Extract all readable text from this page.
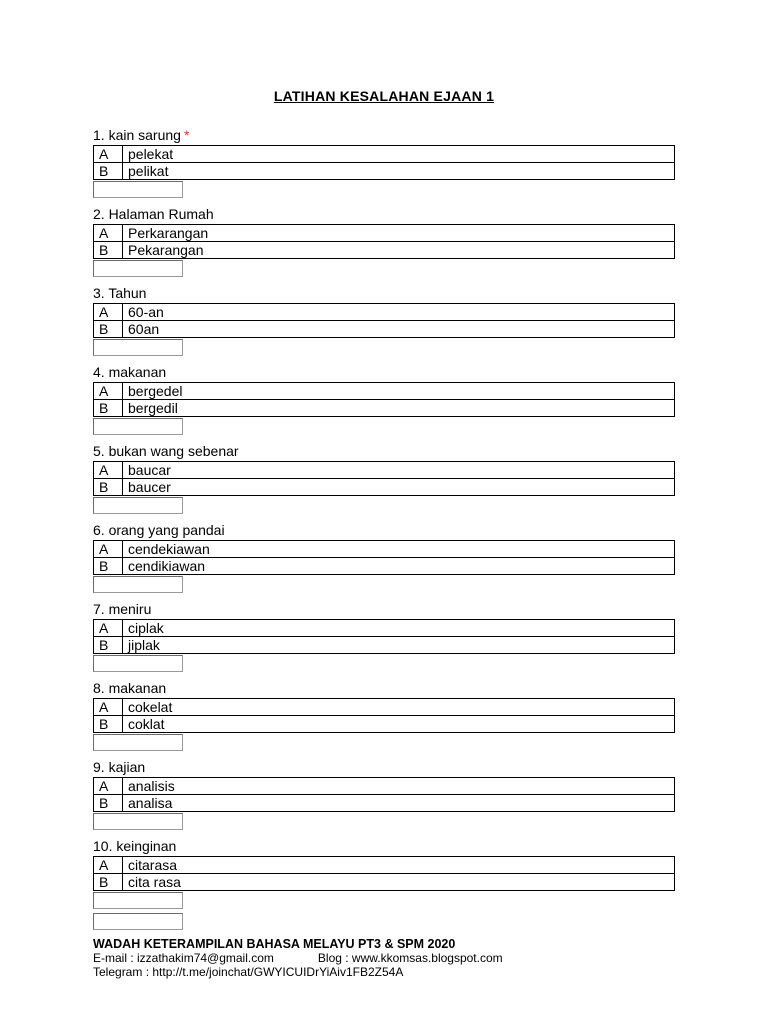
LATIHAN KESALAHAN EJAAN 1
1. kain sarung *
A	pelekat
B	pelikat
2. Halaman Rumah
A	Perkarangan
B	Pekarangan
3. Tahun
A	60-an
B	60an
4. makanan
A	bergedel
B	bergedil
5. bukan wang sebenar
A	baucar
B	baucer
6. orang yang pandai
A	cendekiawan
B	cendikiawan
7. meniru
A	ciplak
B	jiplak
8. makanan
A	cokelat
B	coklat
9. kajian
A	analisis
B	analisa
10. keinginan
A	citarasa
B	cita rasa
WADAH KETERAMPILAN BAHASA MELAYU PT3 & SPM 2020
E-mail : izzathakim74@gmail.com	Blog : www.kkomsas.blogspot.com
Telegram : http://t.me/joinchat/GWYICUIDrYiAiv1FB2Z54A
